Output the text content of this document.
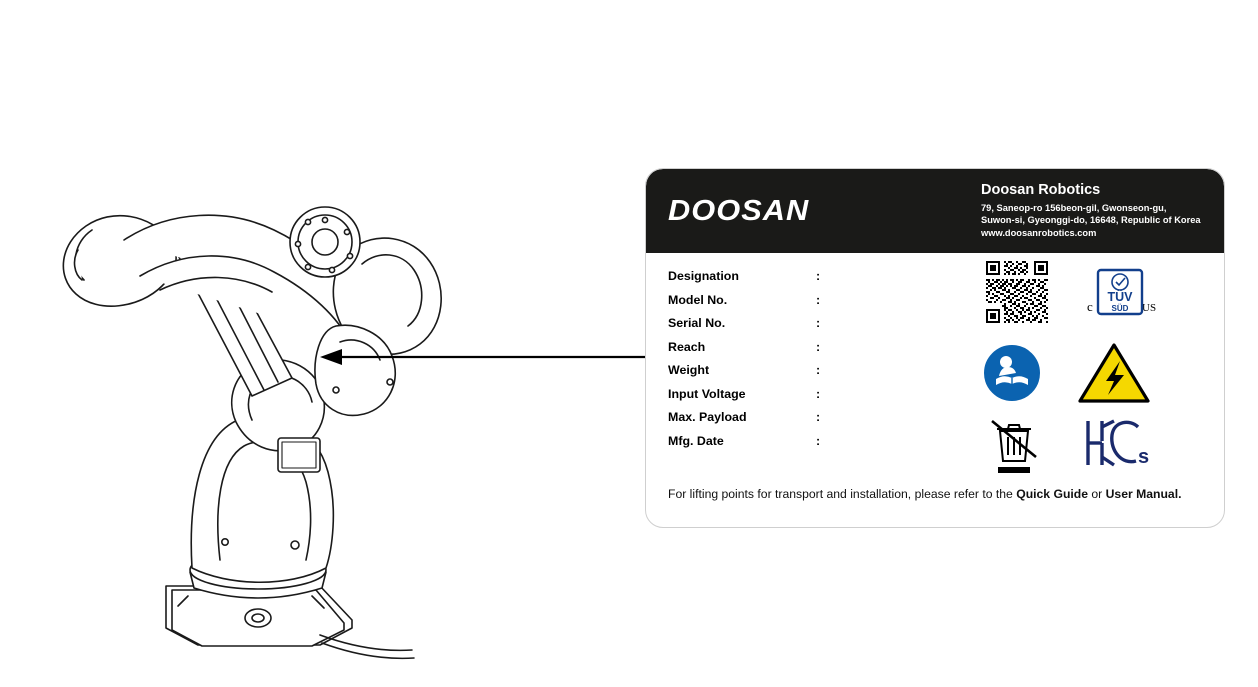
DOOSAN
Doosan Robotics
79, Saneop-ro 156beon-gil, Gwonseon-gu,
Suwon-si, Gyeonggi-do, 16648, Republic of Korea
www.doosanrobotics.com
Designation	:
Model No.	:
Serial No.	:
Reach	:
Weight	:
Input Voltage	:
Max. Payload	:
Mfg. Date	:
c	US
TÜV
SÜD
s
For lifting points for transport and installation, please refer to the Quick Guide or User Manual.
